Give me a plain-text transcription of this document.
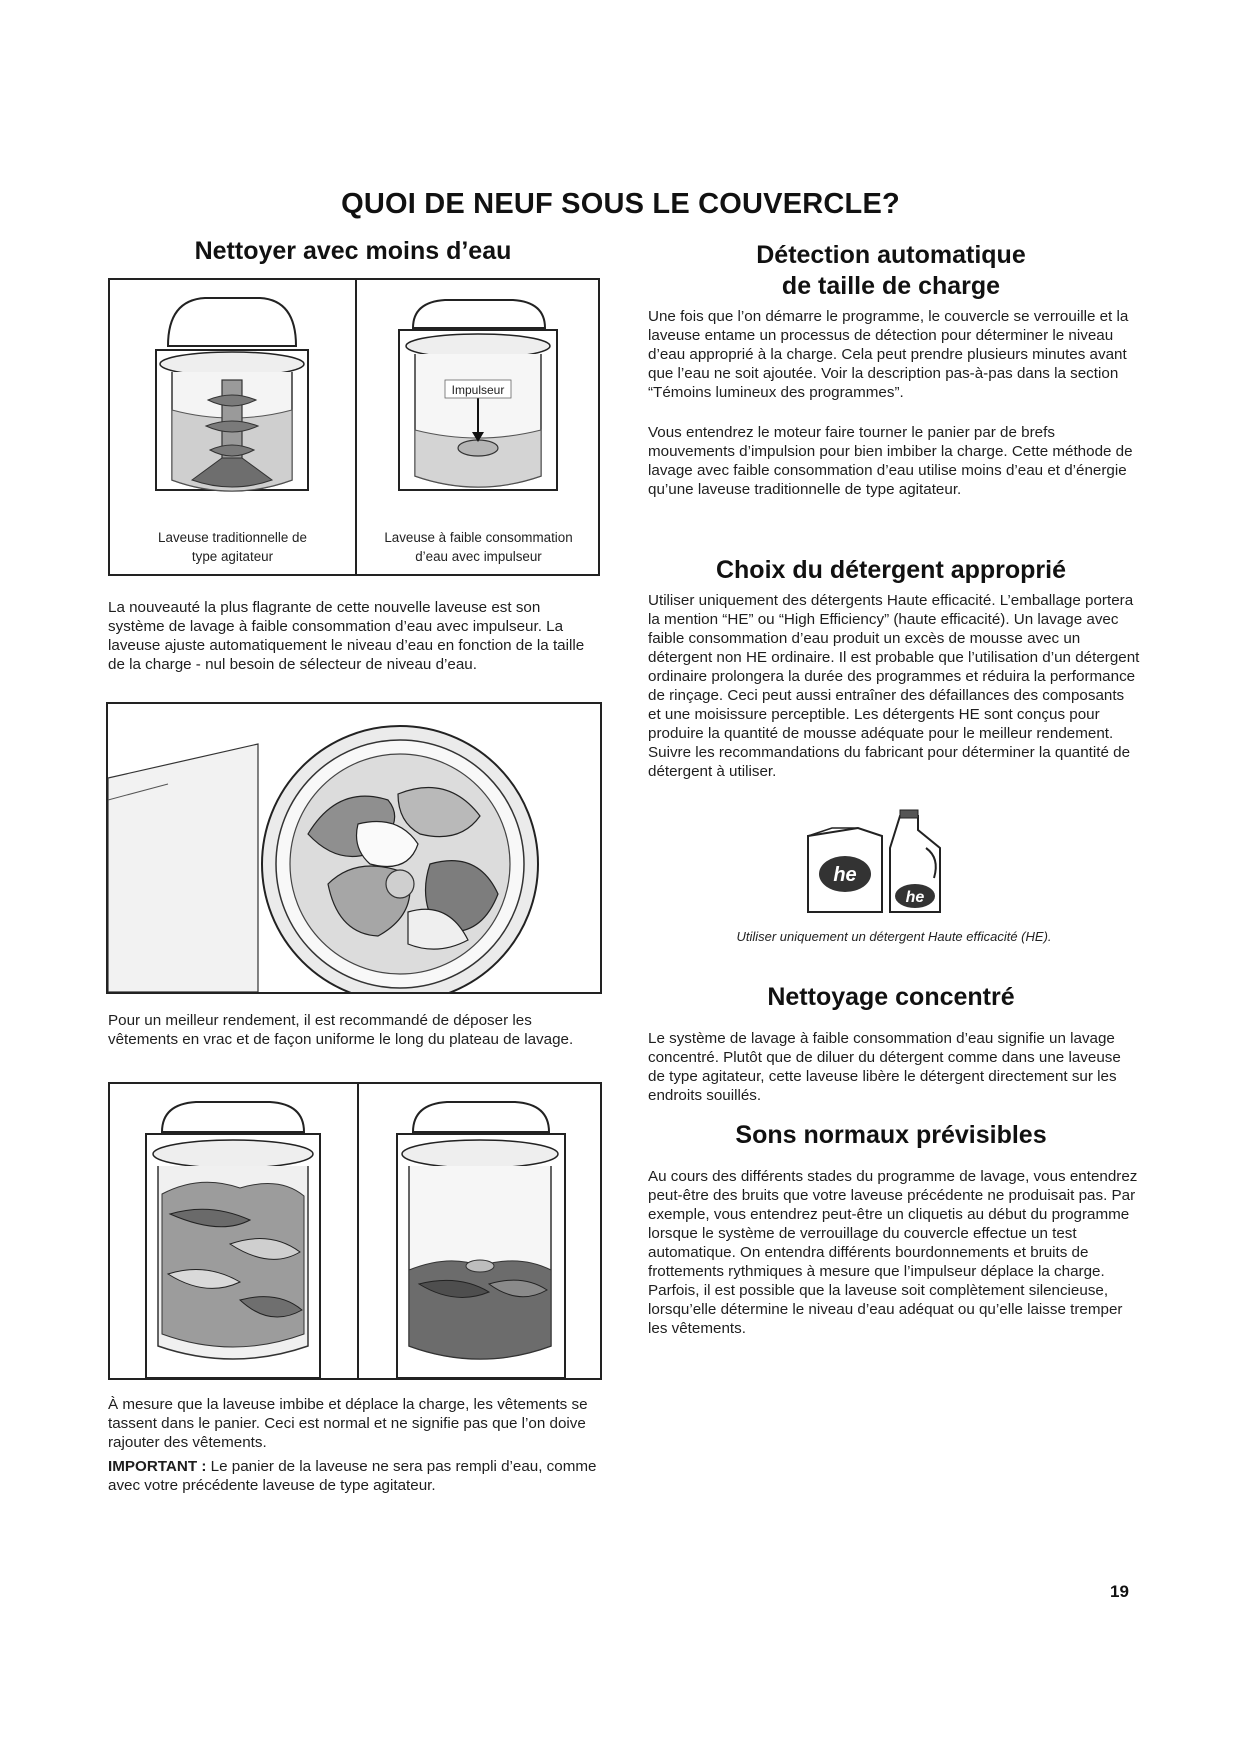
QUOI DE NEUF SOUS LE COUVERCLE?
Nettoyer avec moins d’eau
Impulseur
Laveuse traditionnelle de
type agitateur
Laveuse à faible consommation
d’eau avec impulseur
La nouveauté la plus flagrante de cette nouvelle laveuse est son système de lavage à faible consommation d’eau avec impulseur. La laveuse ajuste automatiquement le niveau d’eau en fonction de la taille de la charge - nul besoin de sélecteur de niveau d’eau.
Pour un meilleur rendement, il est recommandé de déposer les vêtements en vrac et de façon uniforme le long du plateau de lavage.
À mesure que la laveuse imbibe et déplace la charge, les vêtements se tassent dans le panier. Ceci est normal et ne signifie pas que l’on doive rajouter des vêtements.
IMPORTANT : Le panier de la laveuse ne sera pas rempli d’eau, comme avec votre précédente laveuse de type agitateur.
Détection automatique
de taille de charge
Une fois que l’on démarre le programme, le couvercle se verrouille et la laveuse entame un processus de détection pour déterminer le niveau d’eau approprié à la charge. Cela peut prendre plusieurs minutes avant que l’eau ne soit ajoutée. Voir la description pas-à-pas dans la section “Témoins lumineux des programmes”.
Vous entendrez le moteur faire tourner le panier par de brefs mouvements d’impulsion pour bien imbiber la charge. Cette méthode de lavage avec faible consommation d’eau utilise moins d’eau et d’énergie qu’une laveuse traditionnelle de type agitateur.
Choix du détergent approprié
Utiliser uniquement des détergents Haute efficacité. L’emballage portera la mention “HE” ou “High Efficiency” (haute efficacité). Un lavage avec faible consommation d’eau produit un excès de mousse avec un détergent non HE ordinaire. Il est probable que l’utilisation d’un détergent ordinaire prolongera la durée des programmes et réduira la performance de rinçage. Ceci peut aussi entraîner des défaillances des composants et une moisissure perceptible. Les détergents HE sont conçus pour produire la quantité de mousse adéquate pour le meilleur rendement. Suivre les recommandations du fabricant pour déterminer la quantité de détergent à utiliser.
he
he
Utiliser uniquement un détergent Haute efficacité (HE).
Nettoyage concentré
Le système de lavage à faible consommation d’eau signifie un lavage concentré. Plutôt que de diluer du détergent comme dans une laveuse de type agitateur, cette laveuse libère le détergent directement sur les endroits souillés.
Sons normaux prévisibles
Au cours des différents stades du programme de lavage, vous entendrez peut-être des bruits que votre laveuse précédente ne produisait pas. Par exemple, vous entendrez peut-être un cliquetis au début du programme lorsque le système de verrouillage du couvercle effectue un test automatique. On entendra différents bourdonnements et bruits de frottements rythmiques à mesure que l’impulseur déplace la charge. Parfois, il est possible que la laveuse soit complètement silencieuse, lorsqu’elle détermine le niveau d’eau adéquat ou qu’elle laisse tremper les vêtements.
19
